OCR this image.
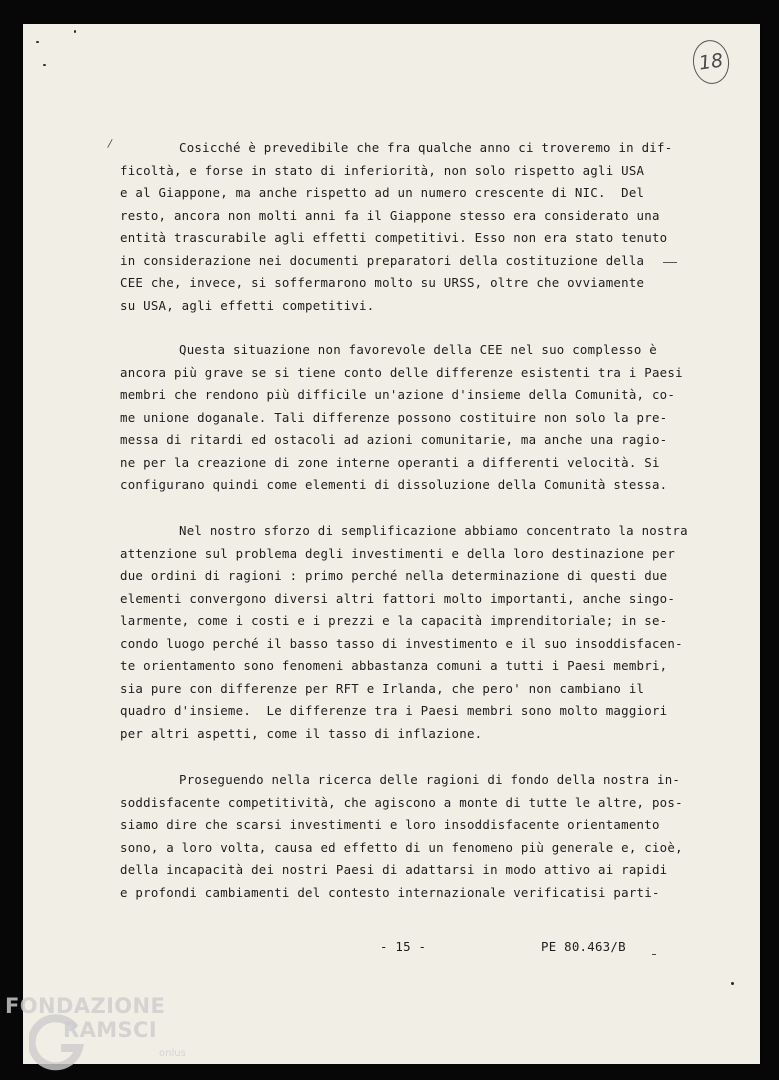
18
/	Cosicché è prevedibile che fra qualche anno ci troveremo in dif-
ficoltà, e forse in stato di inferiorità, non solo rispetto agli USA
e al Giappone, ma anche rispetto ad un numero crescente di NIC.  Del
resto, ancora non molti anni fa il Giappone stesso era considerato una
entità trascurabile agli effetti competitivi. Esso non era stato tenuto
in considerazione nei documenti preparatori della costituzione della
CEE che, invece, si soffermarono molto su URSS, oltre che ovviamente
su USA, agli effetti competitivi.
Questa situazione non favorevole della CEE nel suo complesso è
ancora più grave se si tiene conto delle differenze esistenti tra i Paesi
membri che rendono più difficile un'azione d'insieme della Comunità, co-
me unione doganale. Tali differenze possono costituire non solo la pre-
messa di ritardi ed ostacoli ad azioni comunitarie, ma anche una ragio-
ne per la creazione di zone interne operanti a differenti velocità. Si
configurano quindi come elementi di dissoluzione della Comunità stessa.
Nel nostro sforzo di semplificazione abbiamo concentrato la nostra
attenzione sul problema degli investimenti e della loro destinazione per
due ordini di ragioni : primo perché nella determinazione di questi due
elementi convergono diversi altri fattori molto importanti, anche singo-
larmente, come i costi e i prezzi e la capacità imprenditoriale; in se-
condo luogo perché il basso tasso di investimento e il suo insoddisfacen-
te orientamento sono fenomeni abbastanza comuni a tutti i Paesi membri,
sia pure con differenze per RFT e Irlanda, che pero' non cambiano il
quadro d'insieme.  Le differenze tra i Paesi membri sono molto maggiori
per altri aspetti, come il tasso di inflazione.
Proseguendo nella ricerca delle ragioni di fondo della nostra in-
soddisfacente competitività, che agiscono a monte di tutte le altre, pos-
siamo dire che scarsi investimenti e loro insoddisfacente orientamento
sono, a loro volta, causa ed effetto di un fenomeno più generale e, cioè,
della incapacità dei nostri Paesi di adattarsi in modo attivo ai rapidi
e profondi cambiamenti del contesto internazionale verificatisi parti-
- 15 -	PE 80.463/B
FONDAZIONE
RAMSCI
onlus
